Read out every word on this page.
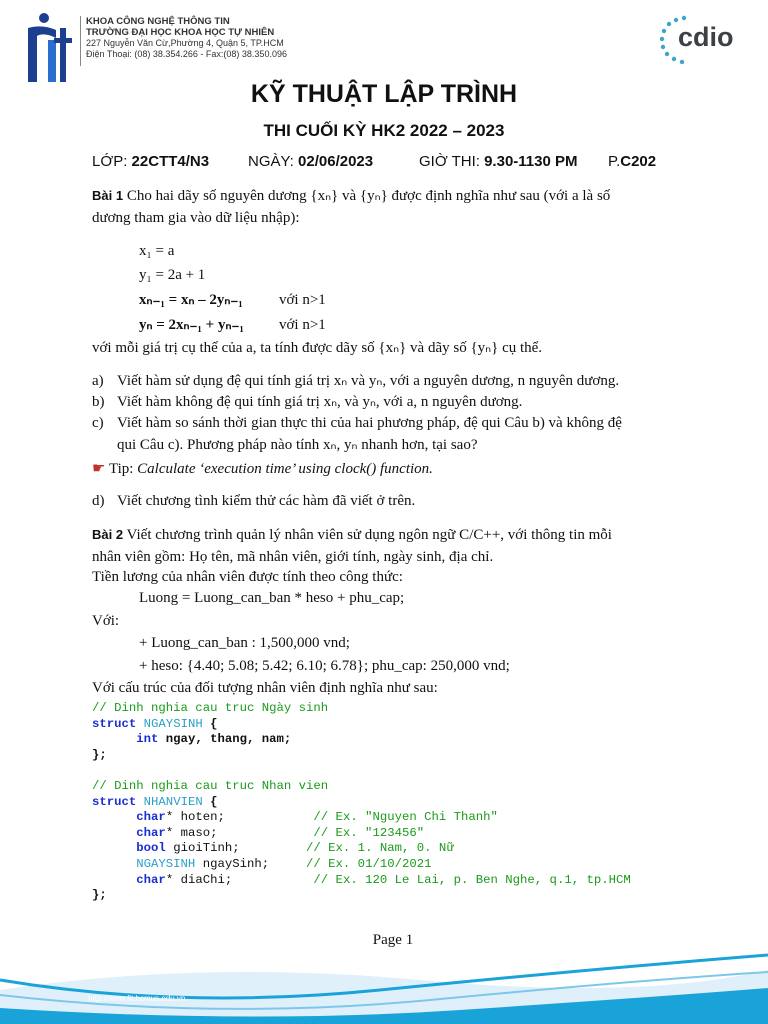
KHOA CÔNG NGHỆ THÔNG TIN
TRƯỜNG ĐẠI HỌC KHOA HỌC TỰ NHIÊN
227 Nguyễn Văn Cừ,Phường 4, Quận 5, TP.HCM
Điện Thoại: (08) 38.354.266 - Fax:(08) 38.350.096
cdio
KỸ THUẬT LẬP TRÌNH
THI CUỐI KỲ HK2 2022 – 2023
LỚP: 22CTT4/N3	NGÀY: 02/06/2023	GIỜ THI: 9.30-1130 PM P.C202
Bài 1 Cho hai dãy số nguyên dương {xₙ} và {yₙ} được định nghĩa như sau (với a là số
dương tham gia vào dữ liệu nhập):
x₁ = a
y₁ = 2a + 1
xₙ₋₁ = xₙ – 2yₙ₋₁ với n>1
yₙ = 2xₙ₋₁ + yₙ₋₁ với n>1
với mỗi giá trị cụ thể của a, ta tính được dãy số {xₙ} và dãy số {yₙ} cụ thể.
a) Viết hàm sử dụng đệ qui tính giá trị xₙ và yₙ, với a nguyên dương, n nguyên dương.
b) Viết hàm không đệ qui tính giá trị xₙ, và yₙ, với a, n nguyên dương.
c) Viết hàm so sánh thời gian thực thi của hai phương pháp, đệ qui Câu b) và không đệ
qui Câu c). Phương pháp nào tính xₙ, yₙ nhanh hơn, tại sao?
☛ Tip: Calculate ‘execution time’ using clock() function.
d) Viết chương tình kiểm thử các hàm đã viết ở trên.
Bài 2 Viết chương trình quản lý nhân viên sử dụng ngôn ngữ C/C++, với thông tin mỗi
nhân viên gồm: Họ tên, mã nhân viên, giới tính, ngày sinh, địa chỉ.
Tiền lương của nhân viên được tính theo công thức:
Luong = Luong_can_ban * heso + phu_cap;
Với:
+ Luong_can_ban : 1,500,000 vnd;
+ heso: {4.40; 5.08; 5.42; 6.10; 6.78}; phu_cap: 250,000 vnd;
Với cấu trúc của đối tượng nhân viên định nghĩa như sau:
// Dinh nghia cau truc Ngày sinh
struct NGAYSINH {
int ngay, thang, nam;
};

// Dinh nghia cau truc Nhan vien
struct NHANVIEN {
char* hoten;	// Ex. "Nguyen Chi Thanh"
char* maso;	// Ex. "123456"
bool gioiTinh;	// Ex. 1. Nam, 0. Nữ
NGAYSINH ngaySinh;	// Ex. 01/10/2021
char* diaChi;	// Ex. 120 Le Lai, p. Ben Nghe, q.1, tp.HCM
};
Page 1
http://www.fit.hcmus.edu.vn
